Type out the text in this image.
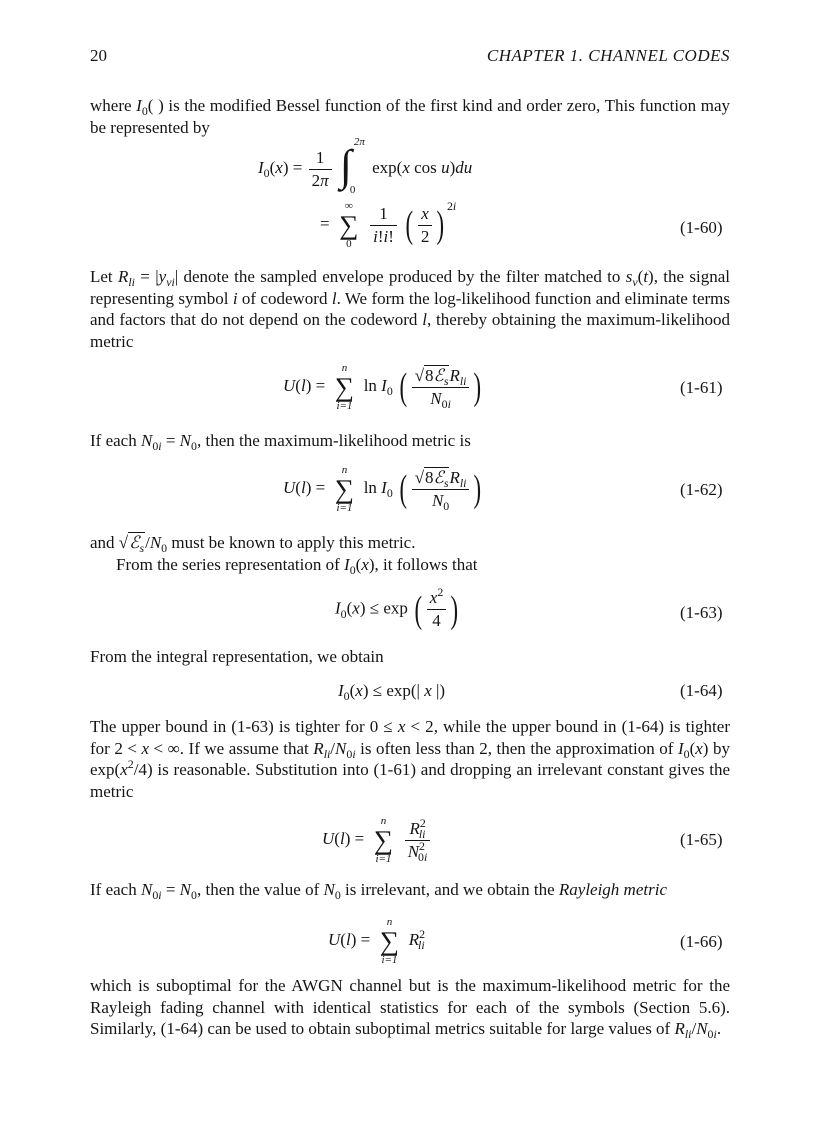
20	CHAPTER 1. CHANNEL CODES

where $I_0$( ) is the modified Bessel function of the first kind and order zero, This function may be represented by

$I_0(x) = \frac{1}{2\pi}$
∫ 2π
0
exp(x cos u)du
=
∞
∑
0
	$\frac{1}{i!i!}$ ( $\frac{x}{2}$ ) $^{2i}$
(1-60)

Let $R_{li} = |y_{\nu i}|$ denote the sampled envelope produced by the filter matched to $s_\nu(t)$, the signal representing symbol i of codeword l. We form the log-likelihood function and eliminate terms and factors that do not depend on the codeword l, thereby obtaining the maximum-likelihood metric

U(l) =
n
∑
i=1
$\ln I_0$ ( $\frac{√8ℰ_sR_{li}}{N_{0i}}$ )	(1-61)

If each $N_{0i} = N_0$, then the maximum-likelihood metric is

U(l) =
n
∑
i=1
$\ln I_0$ ( $\frac{√8ℰ_sR_{li}}{N_0}$ )	(1-62)

and $√ℰ_s/N_0$ must be known to apply this metric.

From the series representation of $I_0(x)$, it follows that

$I_0(x) \le \exp$ ( $\frac{x^2}{4}$ )	(1-63)

From the integral representation, we obtain

$I_0(x) \le \exp(|$ x |)	(1-64)

The upper bound in (1-63) is tighter for 0 ≤ x < 2, while the upper bound in (1-64) is tighter for 2 < x < ∞. If we assume that $R_{li}/N_{0i}$ is often less than 2, then the approximation of $I_0(x)$ by $\exp(x^2/4)$ is reasonable. Substitution into (1-61) and dropping an irrelevant constant gives the metric

U(l) =
n
∑
i=1
$\frac{R^2_{li}}{N^2_{0i}}$	(1-65)

If each $N_{0i} = N_0$, then the value of $N_0$ is irrelevant, and we obtain the Rayleigh metric

U(l) =
n
∑
i=1
$R^2_{li}$	(1-66)

which is suboptimal for the AWGN channel but is the maximum-likelihood metric for the Rayleigh fading channel with identical statistics for each of the symbols (Section 5.6). Similarly, (1-64) can be used to obtain suboptimal metrics suitable for large values of $R_{li}/N_{0i}$.
